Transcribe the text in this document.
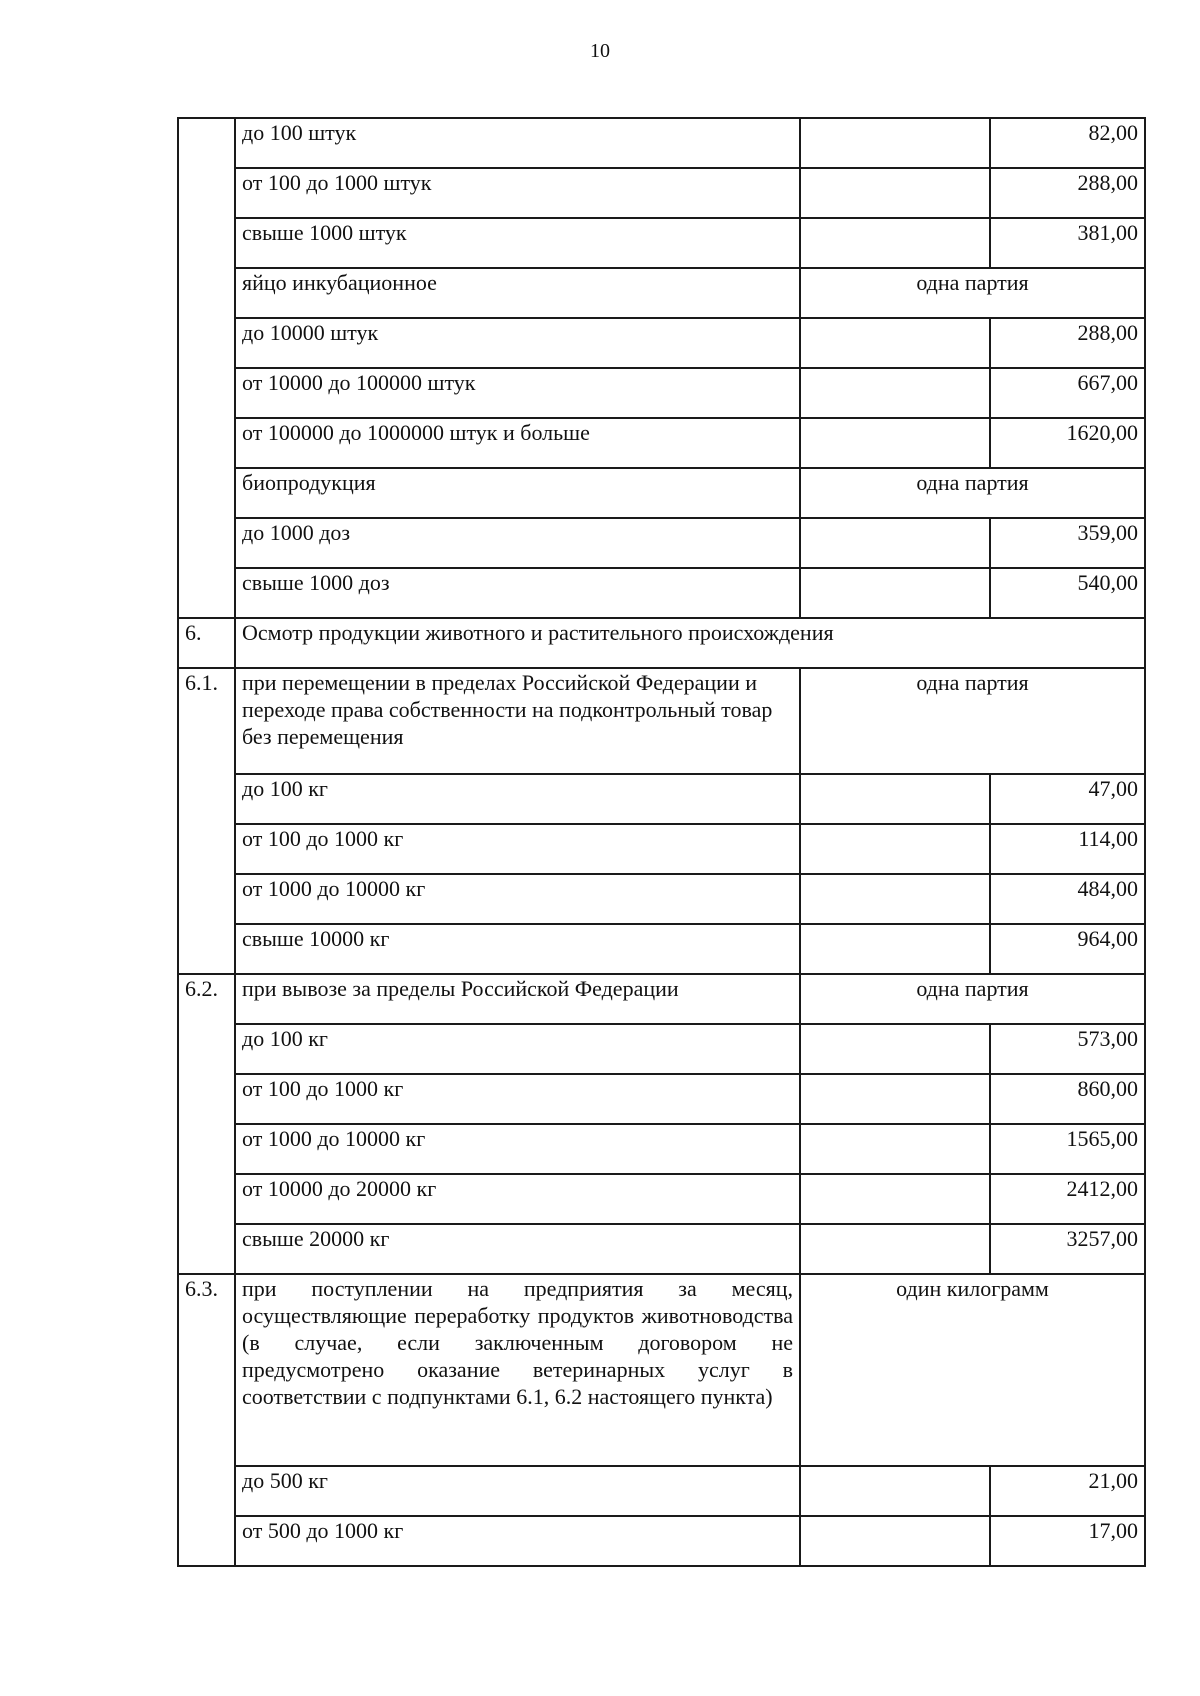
10
	до 100 штук		82,00
	от 100 до 1000 штук		288,00
	свыше 1000 штук		381,00
	яйцо инкубационное	одна партия	
	до 10000 штук		288,00
	от 10000 до 100000 штук		667,00
	от 100000 до 1000000 штук и больше		1620,00
	биопродукция	одна партия	
	до 1000 доз		359,00
	свыше 1000 доз		540,00

6.	Осмотр продукции животного и растительного происхождения		
6.1.	при перемещении в пределах Российской Федерации и переходе права собственности на подконтрольный товар без перемещения	одна партия	
	до 100 кг		47,00
	от 100 до 1000 кг		114,00
	от 1000 до 10000 кг		484,00
	свыше 10000 кг		964,00
6.2.	при вывозе за пределы Российской Федерации	одна партия	
	до 100 кг		573,00
	от 100 до 1000 кг		860,00
	от 1000 до 10000 кг		1565,00
	от 10000 до 20000 кг		2412,00
	свыше 20000 кг		3257,00
6.3.	при поступлении на предприятия за месяц, осуществляющие переработку продуктов животноводства (в случае, если заключенным договором не предусмотрено оказание ветеринарных услуг в соответствии с подпунктами 6.1, 6.2 настоящего пункта)	один килограмм	
	до 500 кг		21,00
	от 500 до 1000 кг		17,00
